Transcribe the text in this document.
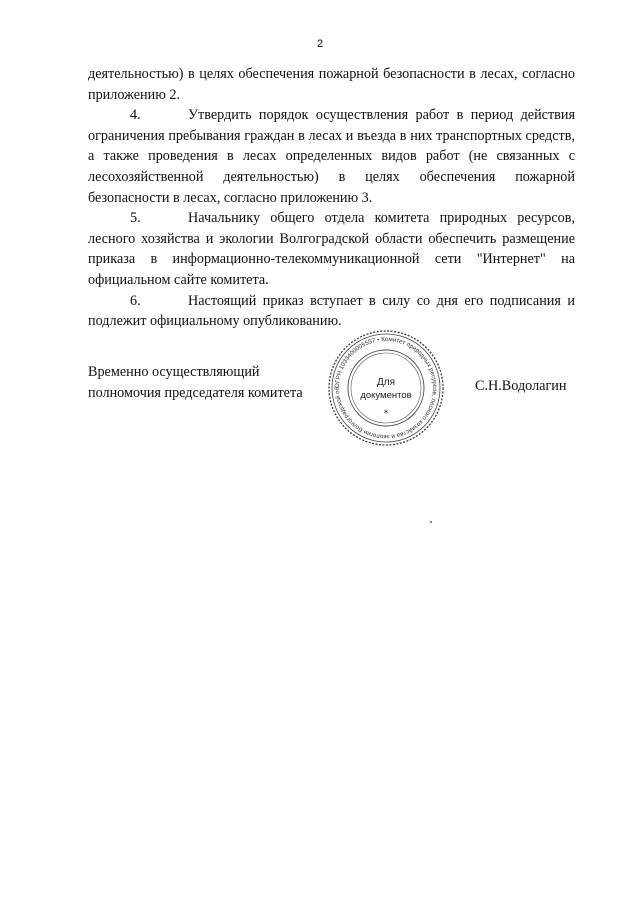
2

деятельностью) в целях обеспечения пожарной безопасности в лесах, согласно приложению 2.

4.	Утвердить порядок осуществления работ в период действия ограничения пребывания граждан в лесах и въезда в них транспортных средств, а также проведения в лесах определенных видов работ (не связанных с лесохозяйственной деятельностью) в целях обеспечения пожарной безопасности в лесах, согласно приложению 3.

5.	Начальнику общего отдела комитета природных ресурсов, лесного хозяйства и экологии Волгоградской области обеспечить размещение приказа в информационно-телекоммуникационной сети "Интернет" на официальном сайте комитета.

6.	Настоящий приказ вступает в силу со дня его подписания и подлежит официальному опубликованию.

Временно осуществляющий
полномочия председателя комитета	ОГРН 1033400005557 • Комитет природных ресурсов, лесного хозяйства и экологии Волгоградской об
Для
документов
*
С.Н.Водолагин
